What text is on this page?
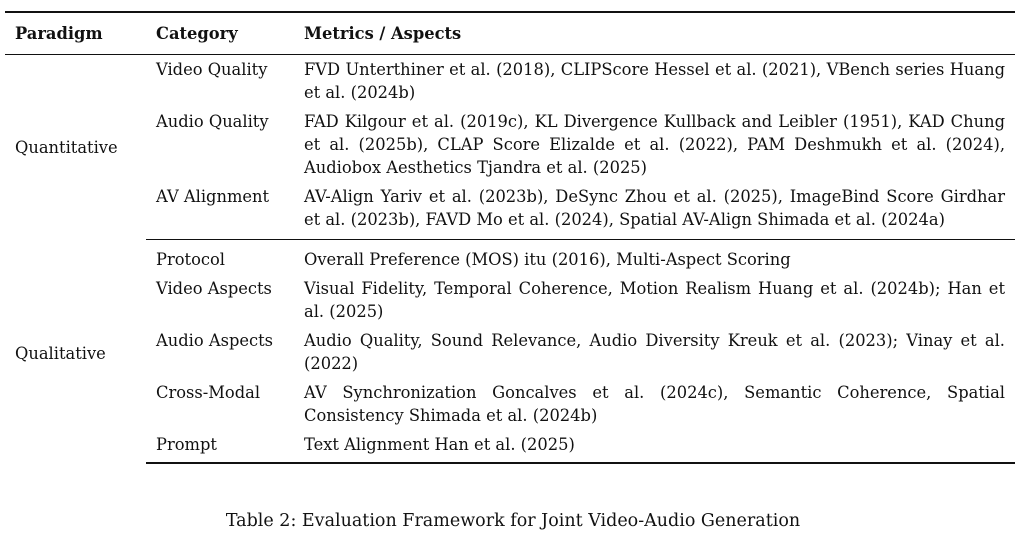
Paradigm	Category	Metrics / Aspects
Quantitative	Video Quality	FVD Unterthiner et al. (2018), CLIPScore Hessel et al. (2021), VBench series Huang et al. (2024b)
	Audio Quality	FAD Kilgour et al. (2019c), KL Divergence Kullback and Leibler (1951), KAD Chung et al. (2025b), CLAP Score Elizalde et al. (2022), PAM Deshmukh et al. (2024), Audiobox Aesthetics Tjandra et al. (2025)
	AV Alignment	AV-Align Yariv et al. (2023b), DeSync Zhou et al. (2025), ImageBind Score Girdhar et al. (2023b), FAVD Mo et al. (2024), Spatial AV-Align Shimada et al. (2024a)
Qualitative	Protocol	Overall Preference (MOS) itu (2016), Multi-Aspect Scoring
	Video Aspects	Visual Fidelity, Temporal Coherence, Motion Realism Huang et al. (2024b); Han et al. (2025)
	Audio Aspects	Audio Quality, Sound Relevance, Audio Diversity Kreuk et al. (2023); Vinay et al. (2022)
	Cross-Modal	AV Synchronization Goncalves et al. (2024c), Semantic Coherence, Spatial Consistency Shimada et al. (2024b)
	Prompt	Text Alignment Han et al. (2025)
Table 2: Evaluation Framework for Joint Video-Audio Generation
